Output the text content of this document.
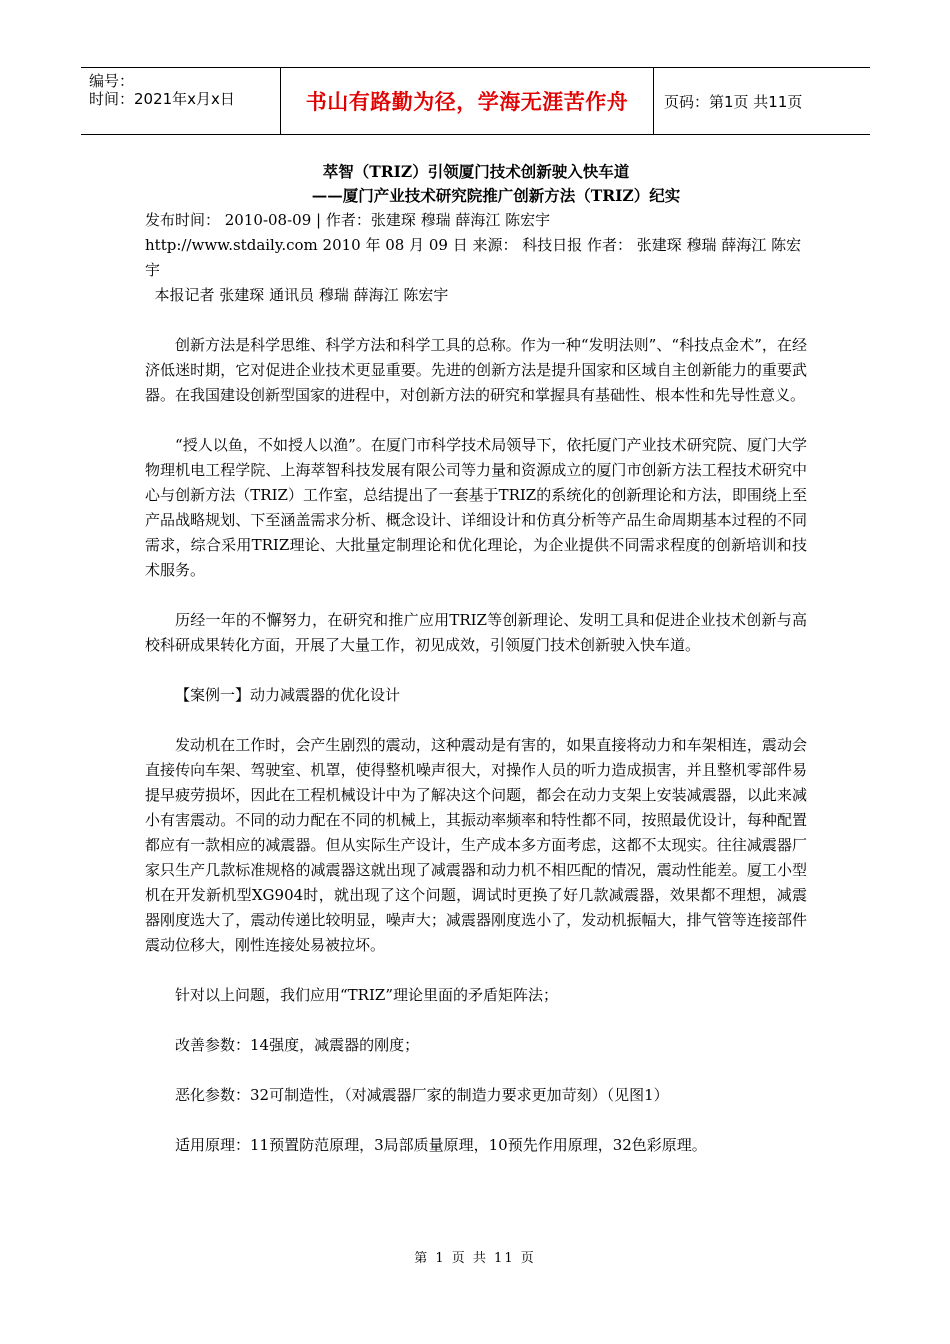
编号：
时间：2021年x月x日	书山有路勤为径，学海无涯苦作舟	页码：第1页 共11页

萃智（TRIZ）引领厦门技术创新驶入快车道

——厦门产业技术研究院推广创新方法（TRIZ）纪实

发布时间： 2010-08-09 | 作者：张建琛 穆瑞 薛海江 陈宏宇

http://www.stdaily.com 2010 年 08 月 09 日 来源： 科技日报 作者： 张建琛 穆瑞 薛海江 陈宏宇

本报记者 张建琛 通讯员 穆瑞 薛海江 陈宏宇

创新方法是科学思维、科学方法和科学工具的总称。作为一种“发明法则”、“科技点金术”，在经济低迷时期，它对促进企业技术更显重要。先进的创新方法是提升国家和区域自主创新能力的重要武器。在我国建设创新型国家的进程中，对创新方法的研究和掌握具有基础性、根本性和先导性意义。

“授人以鱼，不如授人以渔”。在厦门市科学技术局领导下，依托厦门产业技术研究院、厦门大学物理机电工程学院、上海萃智科技发展有限公司等力量和资源成立的厦门市创新方法工程技术研究中心与创新方法（TRIZ）工作室，总结提出了一套基于TRIZ的系统化的创新理论和方法，即围绕上至产品战略规划、下至涵盖需求分析、概念设计、详细设计和仿真分析等产品生命周期基本过程的不同需求，综合采用TRIZ理论、大批量定制理论和优化理论，为企业提供不同需求程度的创新培训和技术服务。

历经一年的不懈努力，在研究和推广应用TRIZ等创新理论、发明工具和促进企业技术创新与高校科研成果转化方面，开展了大量工作，初见成效，引领厦门技术创新驶入快车道。

【案例一】动力减震器的优化设计

发动机在工作时，会产生剧烈的震动，这种震动是有害的，如果直接将动力和车架相连，震动会直接传向车架、驾驶室、机罩，使得整机噪声很大，对操作人员的听力造成损害，并且整机零部件易提早疲劳损坏，因此在工程机械设计中为了解决这个问题，都会在动力支架上安装减震器，以此来减小有害震动。不同的动力配在不同的机械上，其振动率频率和特性都不同，按照最优设计，每种配置都应有一款相应的减震器。但从实际生产设计，生产成本多方面考虑，这都不太现实。往往减震器厂家只生产几款标准规格的减震器这就出现了减震器和动力机不相匹配的情况，震动性能差。厦工小型机在开发新机型XG904时，就出现了这个问题，调试时更换了好几款减震器，效果都不理想，减震器刚度选大了，震动传递比较明显，噪声大；减震器刚度选小了，发动机振幅大，排气管等连接部件震动位移大，刚性连接处易被拉坏。

针对以上问题，我们应用“TRIZ”理论里面的矛盾矩阵法；

改善参数：14强度，减震器的刚度；

恶化参数：32可制造性，（对减震器厂家的制造力要求更加苛刻）（见图1）

适用原理：11预置防范原理，3局部质量原理，10预先作用原理，32色彩原理。

第 1 页 共 11 页
